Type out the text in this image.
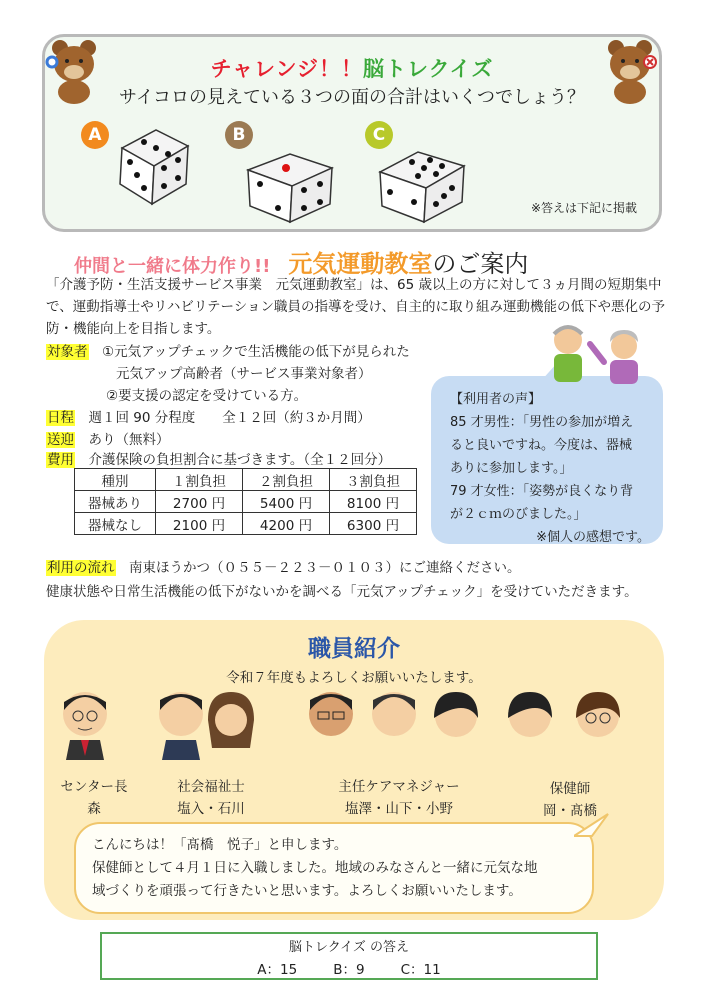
チャレンジ！！脳トレクイズ
サイコロの見えている３つの面の合計はいくつでしょう？
A	B	C
※答えは下記に掲載
仲間と一緒に体力作り!! 元気運動教室のご案内
「介護予防・生活支援サービス事業　元気運動教室」は、65 歳以上の方に対して３ヵ月間の短期集中で、運動指導士やリハビリテーション職員の指導を受け、自主的に取り組み運動機能の低下や悪化の予防・機能向上を目指します。
対象者　 ①元気アップチェックで生活機能の低下が見られた
元気アップ高齢者（サービス事業対象者）
②要支援の認定を受けている方。
日程　 週１回 90 分程度　　全１２回（約３か月間）
送迎　 あり（無料）
費用　 介護保険の負担割合に基づきます。（全１２回分）
種別	１割負担	２割負担	３割負担
器械あり	2700 円	5400 円	8100 円
器械なし	2100 円	4200 円	6300 円
【利用者の声】
85 才男性：「男性の参加が増え
ると良いですね。今度は、器械
ありに参加します。」
79 才女性：「姿勢が良くなり背
が２ｃｍのびました。」
※個人の感想です。
利用の流れ　 南東ほうかつ（０５５－２２３－０１０３）にご連絡ください。
健康状態や日常生活機能の低下がないかを調べる「元気アップチェック」を受けていただきます。
職員紹介
令和７年度もよろしくお願いいたします。
センター長
森
社会福祉士
塩入・石川
主任ケアマネジャー
塩澤・山下・小野
保健師
岡・髙橋
こんにちは！「髙橋　悦子」と申します。
保健師として４月１日に入職しました。地域のみなさんと一緒に元気な地
域づくりを頑張って行きたいと思います。よろしくお願いいたします。
脳トレクイズ の答え
A：15	B：9	C：11
